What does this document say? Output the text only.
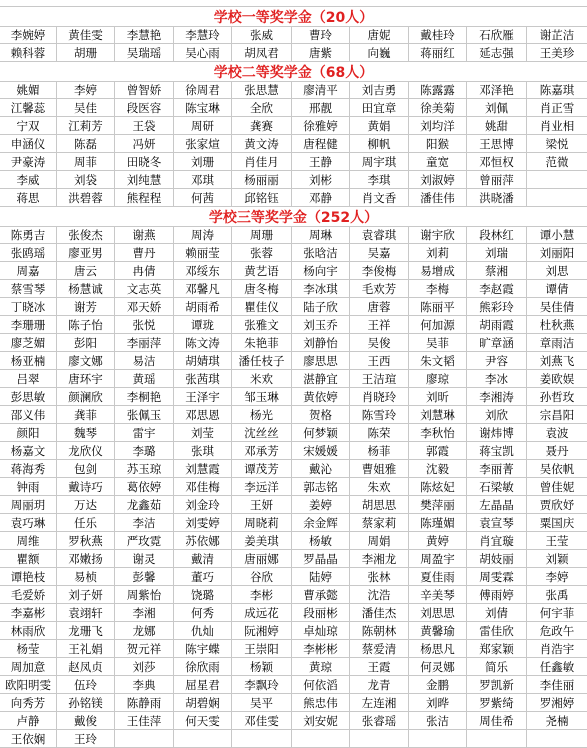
学校一等奖学金（20人）
李婉婷	黄佳雯	李慧艳	李慧玲	张威	曹玲	唐妮	戴桂玲	石欣雁	谢芷洁
赖科蓉	胡珊	吴瑞瑶	吴心雨	胡凤君	唐紫	向巍	蒋丽红	延志强	王美珍
学校二等奖学金（68人）
姚媚	李婷	曾智娇	徐周君	张思慧	廖清平	刘吉勇	陈露露	邓泽艳	陈嘉琪
江馨蕊	吴佳	段医容	陈宝琳	全欣	邢靓	田宜章	徐美菊	刘佩	肖正雪
宁双	江莉芳	王袋	周研	龚赛	徐雅婷	黄娟	刘均洋	姚甜	肖业相
申涵仪	陈磊	冯妍	张家煊	黄文涛	唐程健	柳帆	阳猴	王思博	梁悦
尹豪涛	周菲	田晓冬	刘珊	肖佳月	王静	周宇琪	童宽	邓恒权	范微
李威	刘袋	刘纯慧	邓琪	杨丽丽	刘彬	李琪	刘淑婷	曾丽萍
蒋思	洪碧蓉	熊程程	何茜	邱铭钰	邓静	肖文香	潘佳伟	洪晓潘
学校三等奖学金（252人）
陈勇吉	张俊杰	谢燕	周涛	周珊	周琳	袁睿琪	谢宇欣	段林红	谭小慧
张鸥瑶	廖亚男	曹丹	赖丽莹	张蓉	张晗洁	吴嘉	刘莉	刘瑞	刘丽阳
周嘉	唐云	冉倩	邓绥东	黄艺语	杨向宇	李俊梅	易增成	蔡湘	刘思
蔡雪琴	杨慧诚	文志英	邓馨凡	唐冬梅	李冰琪	毛欢芳	李梅	李赵霞	谭倩
丁晓冰	谢芳	邓天娇	胡雨希	瞿佳仪	陆子欣	唐蓉	陈丽平	熊彩玲	吴佳倩
李珊珊	陈子怡	张悦	谭珑	张雅文	刘玉乔	王祥	何加源	胡雨霞	杜秋燕
廖芝媚	彭阳	李丽萍	陈文涛	朱艳菲	刘静怡	吴俊	吴菲	旷章涵	章雨洁
杨亚楠	廖文娜	易洁	胡婧琪	潘任枝子	廖思思	王西	朱文韬	尹容	刘燕飞
吕翠	唐环宇	黄瑶	张茜琪	米欢	湛静宜	王洁瑄	廖琼	李冰	姜欧娱
彭思敏	颜澜欣	李桐艳	王泽宇	邹玉琳	黄依婷	肖晓玲	刘昕	李湘涛	孙哲玫
邵义伟	龚菲	张佩玉	邓思恩	杨光	贺格	陈雪玲	刘慧琳	刘欣	宗昌阳
颜阳	魏琴	雷宇	刘莹	沈丝丝	何梦颖	陈荣	李秋怡	谢炜博	袁波
杨嘉文	龙欣仪	李璐	张琪	邓承芳	宋媛媛	杨菲	郭霞	蒋宝凯	聂丹
蒋海秀	包剑	苏玉琼	刘慧霞	谭茂芳	戴沁	曹姐雅	沈毅	李丽菁	吴依帆
钟雨	戴诗巧	葛依婷	邓佳梅	李远洋	郭志铭	朱欢	陈炫妃	石梁敏	曾佳妮
周丽玥	万达	龙鑫茹	刘金玲	王妍	姜婷	胡思思	樊萍丽	左晶晶	贾欣妤
袁巧琳	任乐	李洁	刘雯婷	周晓莉	余金辉	蔡家莉	陈瑾媚	袁宣琴	粟国庆
周维	罗秋燕	严玫霓	苏依娜	姜美琪	杨敏	周娟	黄婷	肖宜璇	王莹
瞿额	邓嫩扬	谢灵	戴清	唐丽娜	罗晶晶	李湘龙	周盈宇	胡妓丽	刘颖
谭艳枝	易桢	彭馨	董巧	谷欣	陆婷	张林	夏佳雨	周雯霖	李婷
毛爱娇	刘子妍	周紫怡	饶璐	李彬	曹承懿	沈浩	辛美琴	傅雨婷	张禹
李嘉彬	袁翊轩	李湘	何秀	成远花	段丽彬	潘佳杰	刘思思	刘倩	何宇菲
林雨欣	龙珊飞	龙娜	仇灿	阮湘婷	卓灿琼	陈朝林	黄馨瑜	雷佳欣	危政午
杨莹	王礼娟	贺元祥	陈宇蝶	王崇阳	李彬彬	蔡爱清	杨思凡	郑家颖	肖浩宇
周加意	赵凤贞	刘莎	徐欣雨	杨颖	黄琼	王霞	何灵娜	简乐	任鑫敏
欧阳明雯	伍玲	李典	屈星君	李飘玲	何依滔	龙青	金鹏	罗凯新	李佳丽
向秀芳	孙铭镁	陈静雨	胡碧娴	吴平	熊忠伟	左连湘	刘晔	罗紫绮	罗湘婷
卢静	戴俊	王佳萍	何天雯	邓佳雯	刘安妮	张睿瑶	张洁	周佳希	尧楠
王依娴	王玲
